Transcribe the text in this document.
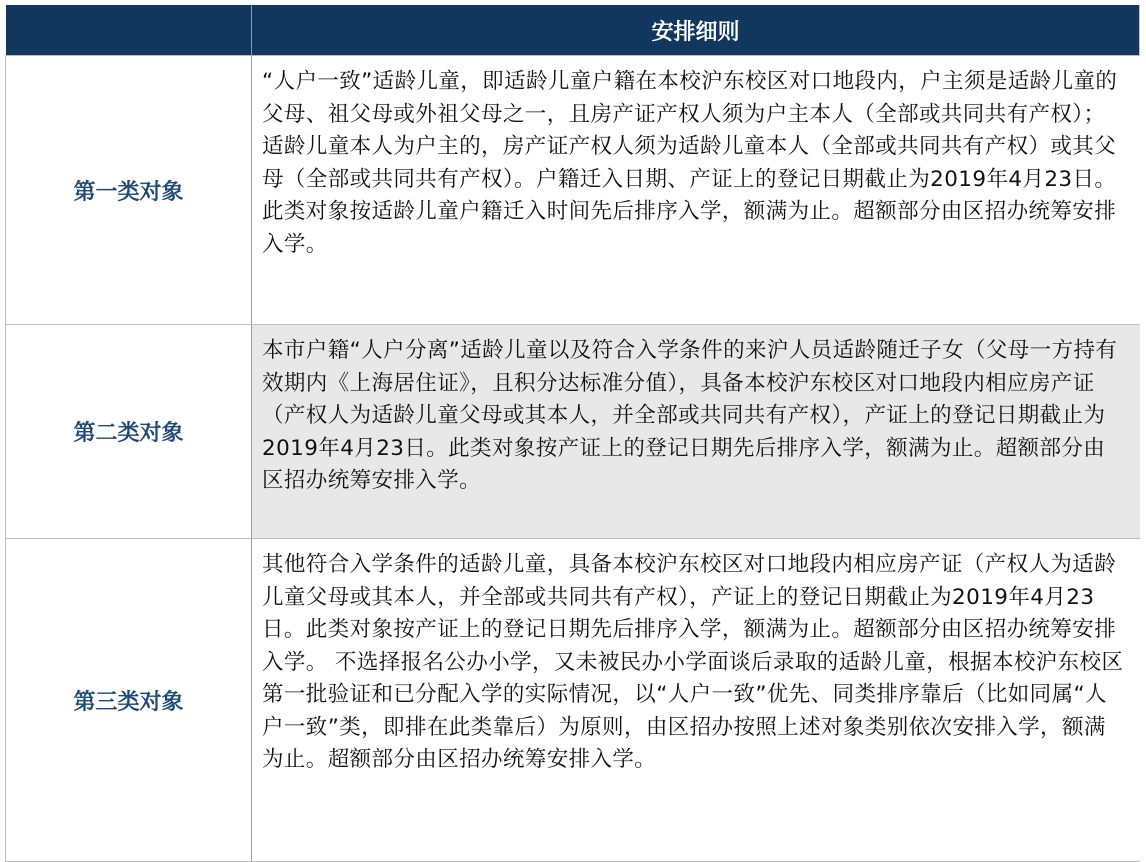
	安排细则
第一类对象	“人户一致”适龄儿童，即适龄儿童户籍在本校沪东校区对口地段内，户主须是适龄儿童的父母、祖父母或外祖父母之一，且房产证产权人须为户主本人（全部或共同共有产权）；适龄儿童本人为户主的，房产证产权人须为适龄儿童本人（全部或共同共有产权）或其父母（全部或共同共有产权）。户籍迁入日期、产证上的登记日期截止为2019年4月23日。此类对象按适龄儿童户籍迁入时间先后排序入学，额满为止。超额部分由区招办统筹安排入学。
第二类对象	本市户籍“人户分离”适龄儿童以及符合入学条件的来沪人员适龄随迁子女（父母一方持有效期内《上海居住证》，且积分达标准分值），具备本校沪东校区对口地段内相应房产证（产权人为适龄儿童父母或其本人，并全部或共同共有产权），产证上的登记日期截止为2019年4月23日。此类对象按产证上的登记日期先后排序入学，额满为止。超额部分由区招办统筹安排入学。
第三类对象	其他符合入学条件的适龄儿童，具备本校沪东校区对口地段内相应房产证（产权人为适龄儿童父母或其本人，并全部或共同共有产权），产证上的登记日期截止为2019年4月23日。此类对象按产证上的登记日期先后排序入学，额满为止。超额部分由区招办统筹安排入学。 不选择报名公办小学，又未被民办小学面谈后录取的适龄儿童，根据本校沪东校区第一批验证和已分配入学的实际情况，以“人户一致”优先、同类排序靠后（比如同属“人户一致”类，即排在此类靠后）为原则，由区招办按照上述对象类别依次安排入学，额满为止。超额部分由区招办统筹安排入学。
